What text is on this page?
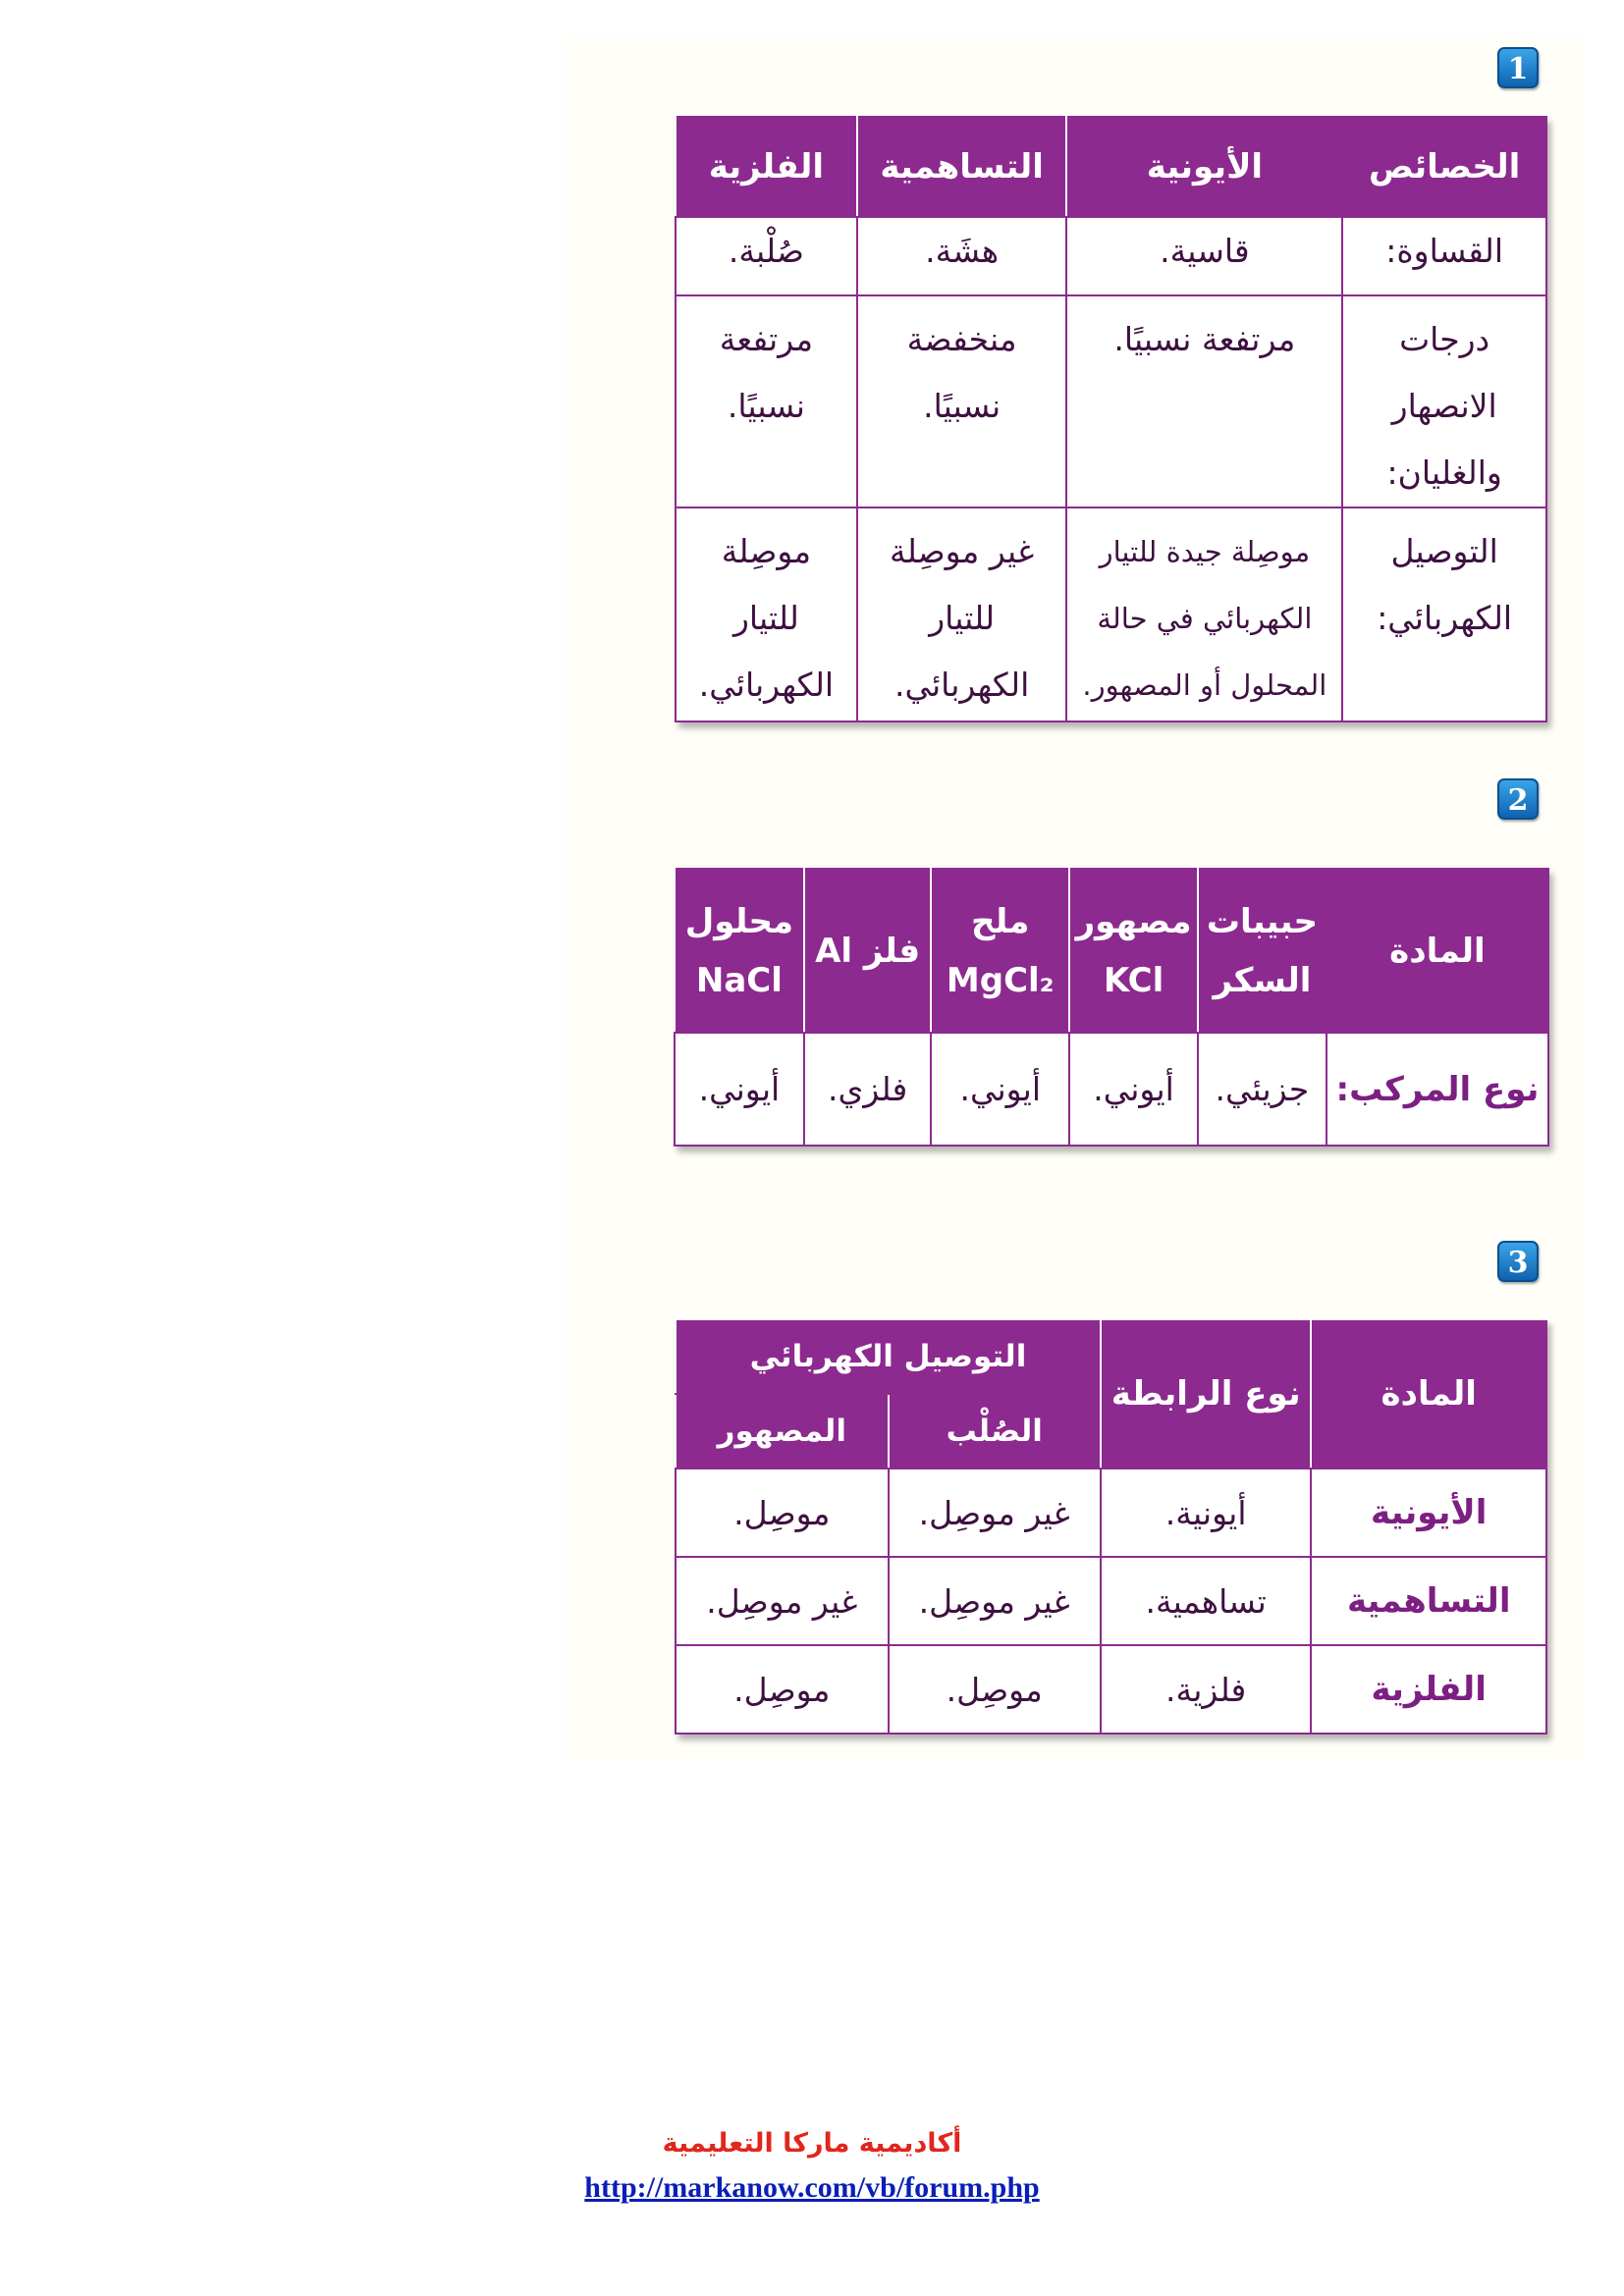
1
الخصائص	الأيونية	التساهمية	الفلزية
القساوة:	قاسية.	هشَة.	صُلْبة.
درجات الانصهار والغليان:	مرتفعة نسبيًا.	منخفضة نسبيًا.	مرتفعة نسبيًا.
التوصيل الكهربائي:	موصِلة جيدة للتيار الكهربائي في حالة المحلول أو المصهور.	غير موصِلة للتيار الكهربائي.	موصِلة للتيار الكهربائي.
2
المادة	حبيبات السكر	مصهور KCl	ملح MgCl₂	فلز Al	محلول NaCl
نوع المركب:	جزيئي.	أيوني.	أيوني.	فلزي.	أيوني.
3
المادة	نوع الرابطة	التوصيل الكهربائي	
		الصُلْب	المصهور
الأيونية	أيونية.	غير موصِل.	موصِل.
التساهمية	تساهمية.	غير موصِل.	غير موصِل.
الفلزية	فلزية.	موصِل.	موصِل.
أكاديمية ماركا التعليمية
http://markanow.com/vb/forum.php
